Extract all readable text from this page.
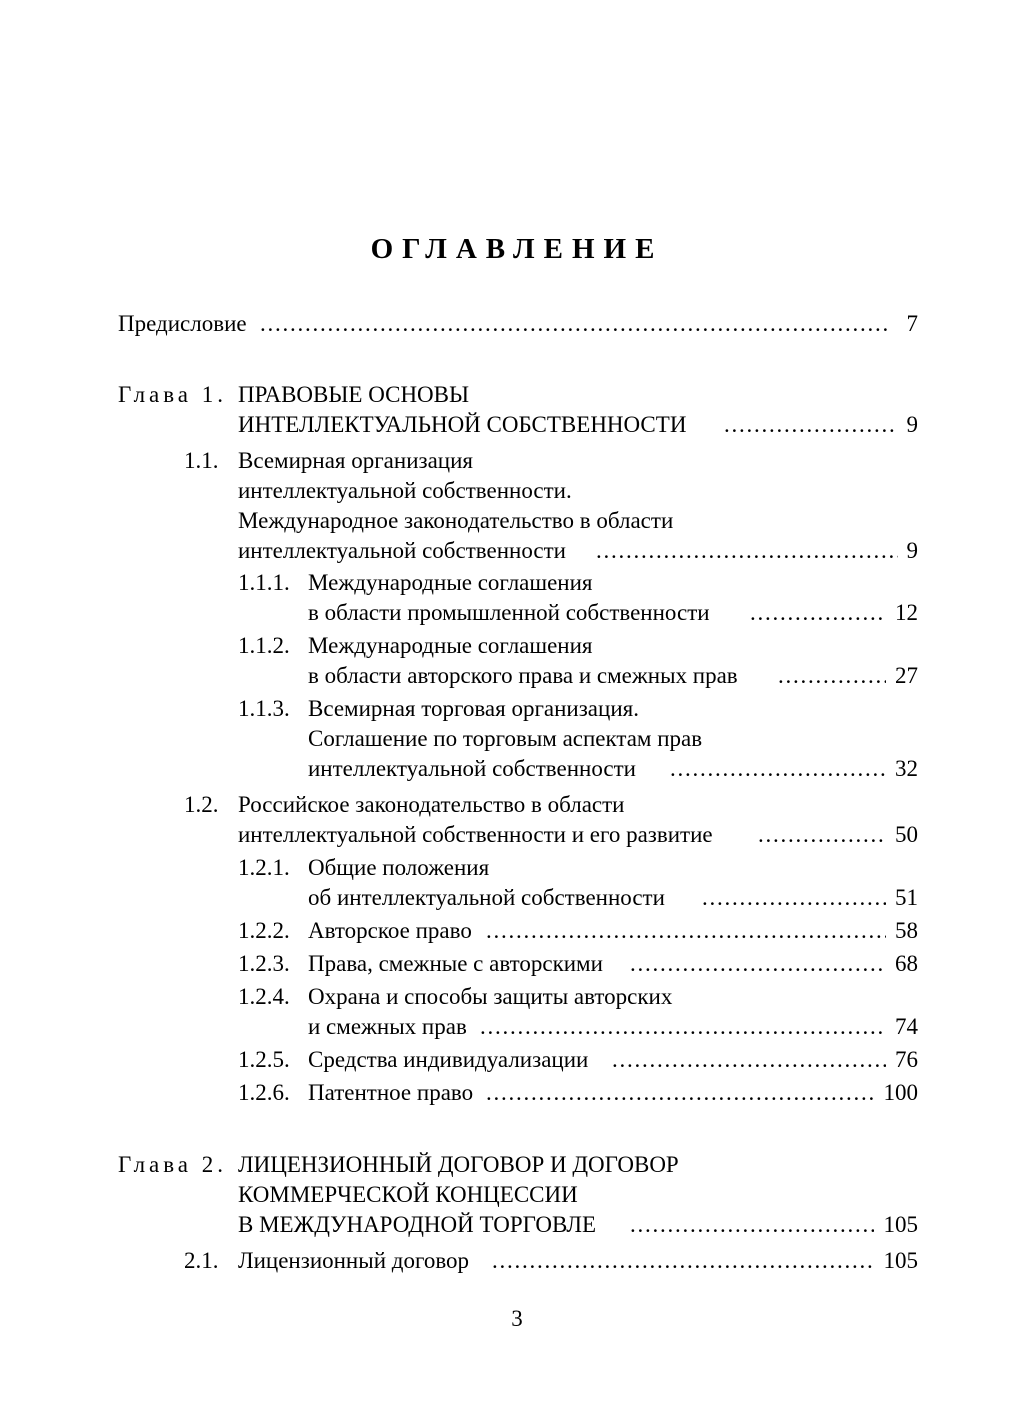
ОГЛАВЛЕНИЕ
Предисловие . . .	7
Глава 1. ПРАВОВЫЕ ОСНОВЫ
ИНТЕЛЛЕКТУАЛЬНОЙ СОБСТВЕННОСТИ . . .	9
1.1. Всемирная организация
интеллектуальной собственности.
Международное законодательство в области
интеллектуальной собственности . . .	9
1.1.1. Международные соглашения
в области промышленной собственности . . .	12
1.1.2. Международные соглашения
в области авторского права и смежных прав . . .	27
1.1.3. Всемирная торговая организация.
Соглашение по торговым аспектам прав
интеллектуальной собственности . . .	32
1.2. Российское законодательство в области
интеллектуальной собственности и его развитие . . .	50
1.2.1. Общие положения
об интеллектуальной собственности . . .	51
1.2.2. Авторское право . . .	58
1.2.3. Права, смежные с авторскими . . .	68
1.2.4. Охрана и способы защиты авторских
и смежных прав . . .	74
1.2.5. Средства индивидуализации . . .	76
1.2.6. Патентное право . . .	100
Глава 2. ЛИЦЕНЗИОННЫЙ ДОГОВОР И ДОГОВОР
КОММЕРЧЕСКОЙ КОНЦЕССИИ
В МЕЖДУНАРОДНОЙ ТОРГОВЛЕ . . .	105
2.1. Лицензионный договор . . .	105
3
